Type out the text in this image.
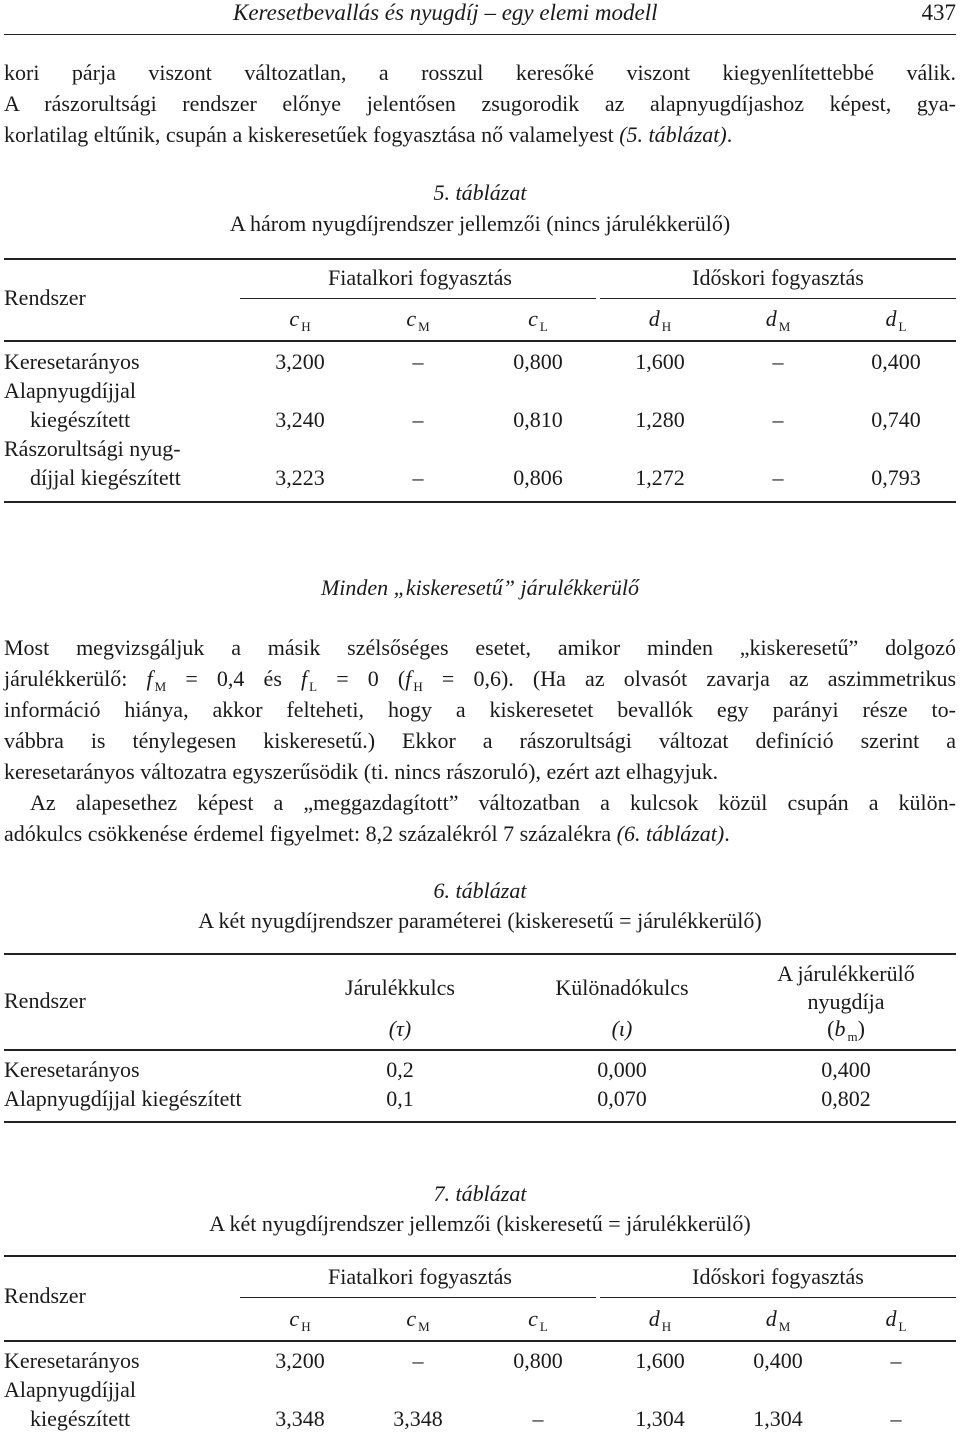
Keresetbevallás és nyugdíj – egy elemi modell	437
kori párja viszont változatlan, a rosszul keresőké viszont kiegyenlítettebbé válik.
A rászorultsági rendszer előnye jelentősen zsugorodik az alapnyugdíjashoz képest, gya-
korlatilag eltűnik, csupán a kiskeresetűek fogyasztása nő valamelyest (5. táblázat).
5. táblázat
A három nyugdíjrendszer jellemzői (nincs járulékkerülő)
Rendszer
Fiatalkori fogyasztás	Időskori fogyasztás
c $_H$	c $_M$	c $_L$	d $_H$	d $_M$	d $_L$
Keresetarányos	3,200	–	0,800	1,600	–	0,400
Alapnyugdíjjal
kiegészített	3,240	–	0,810	1,280	–	0,740
Rászorultsági nyug-
díjjal kiegészített	3,223	–	0,806	1,272	–	0,793
Minden „kiskeresetű” járulékkerülő
Most megvizsgáljuk a másik szélsőséges esetet, amikor minden „kiskeresetű” dolgozó
járulékkerülő: f $_M$ = 0,4 és f $_L$ = 0 (f $_H$ = 0,6). (Ha az olvasót zavarja az aszimmetrikus
információ hiánya, akkor felteheti, hogy a kiskeresetet bevallók egy parányi része to-
vábbra is ténylegesen kiskeresetű.) Ekkor a rászorultsági változat definíció szerint a
keresetarányos változatra egyszerűsödik (ti. nincs rászoruló), ezért azt elhagyjuk.
Az alapesethez képest a „meggazdagított” változatban a kulcsok közül csupán a külön-
adókulcs csökkenése érdemel figyelmet: 8,2 százalékról 7 százalékra (6. táblázat).
6. táblázat
A két nyugdíjrendszer paraméterei (kiskeresetű = járulékkerülő)
Rendszer
Járulékkulcs
(τ)
Különadókulcs
(ι)
A járulékkerülő
nyugdíja
(b $_m$)
Keresetarányos	0,2	0,000	0,400
Alapnyugdíjjal kiegészített	0,1	0,070	0,802
7. táblázat
A két nyugdíjrendszer jellemzői (kiskeresetű = járulékkerülő)
Rendszer
Fiatalkori fogyasztás	Időskori fogyasztás
c $_H$	c $_M$	c $_L$	d $_H$	d $_M$	d $_L$
Keresetarányos	3,200	–	0,800	1,600	0,400	–
Alapnyugdíjjal
kiegészített	3,348	3,348	–	1,304	1,304	–
